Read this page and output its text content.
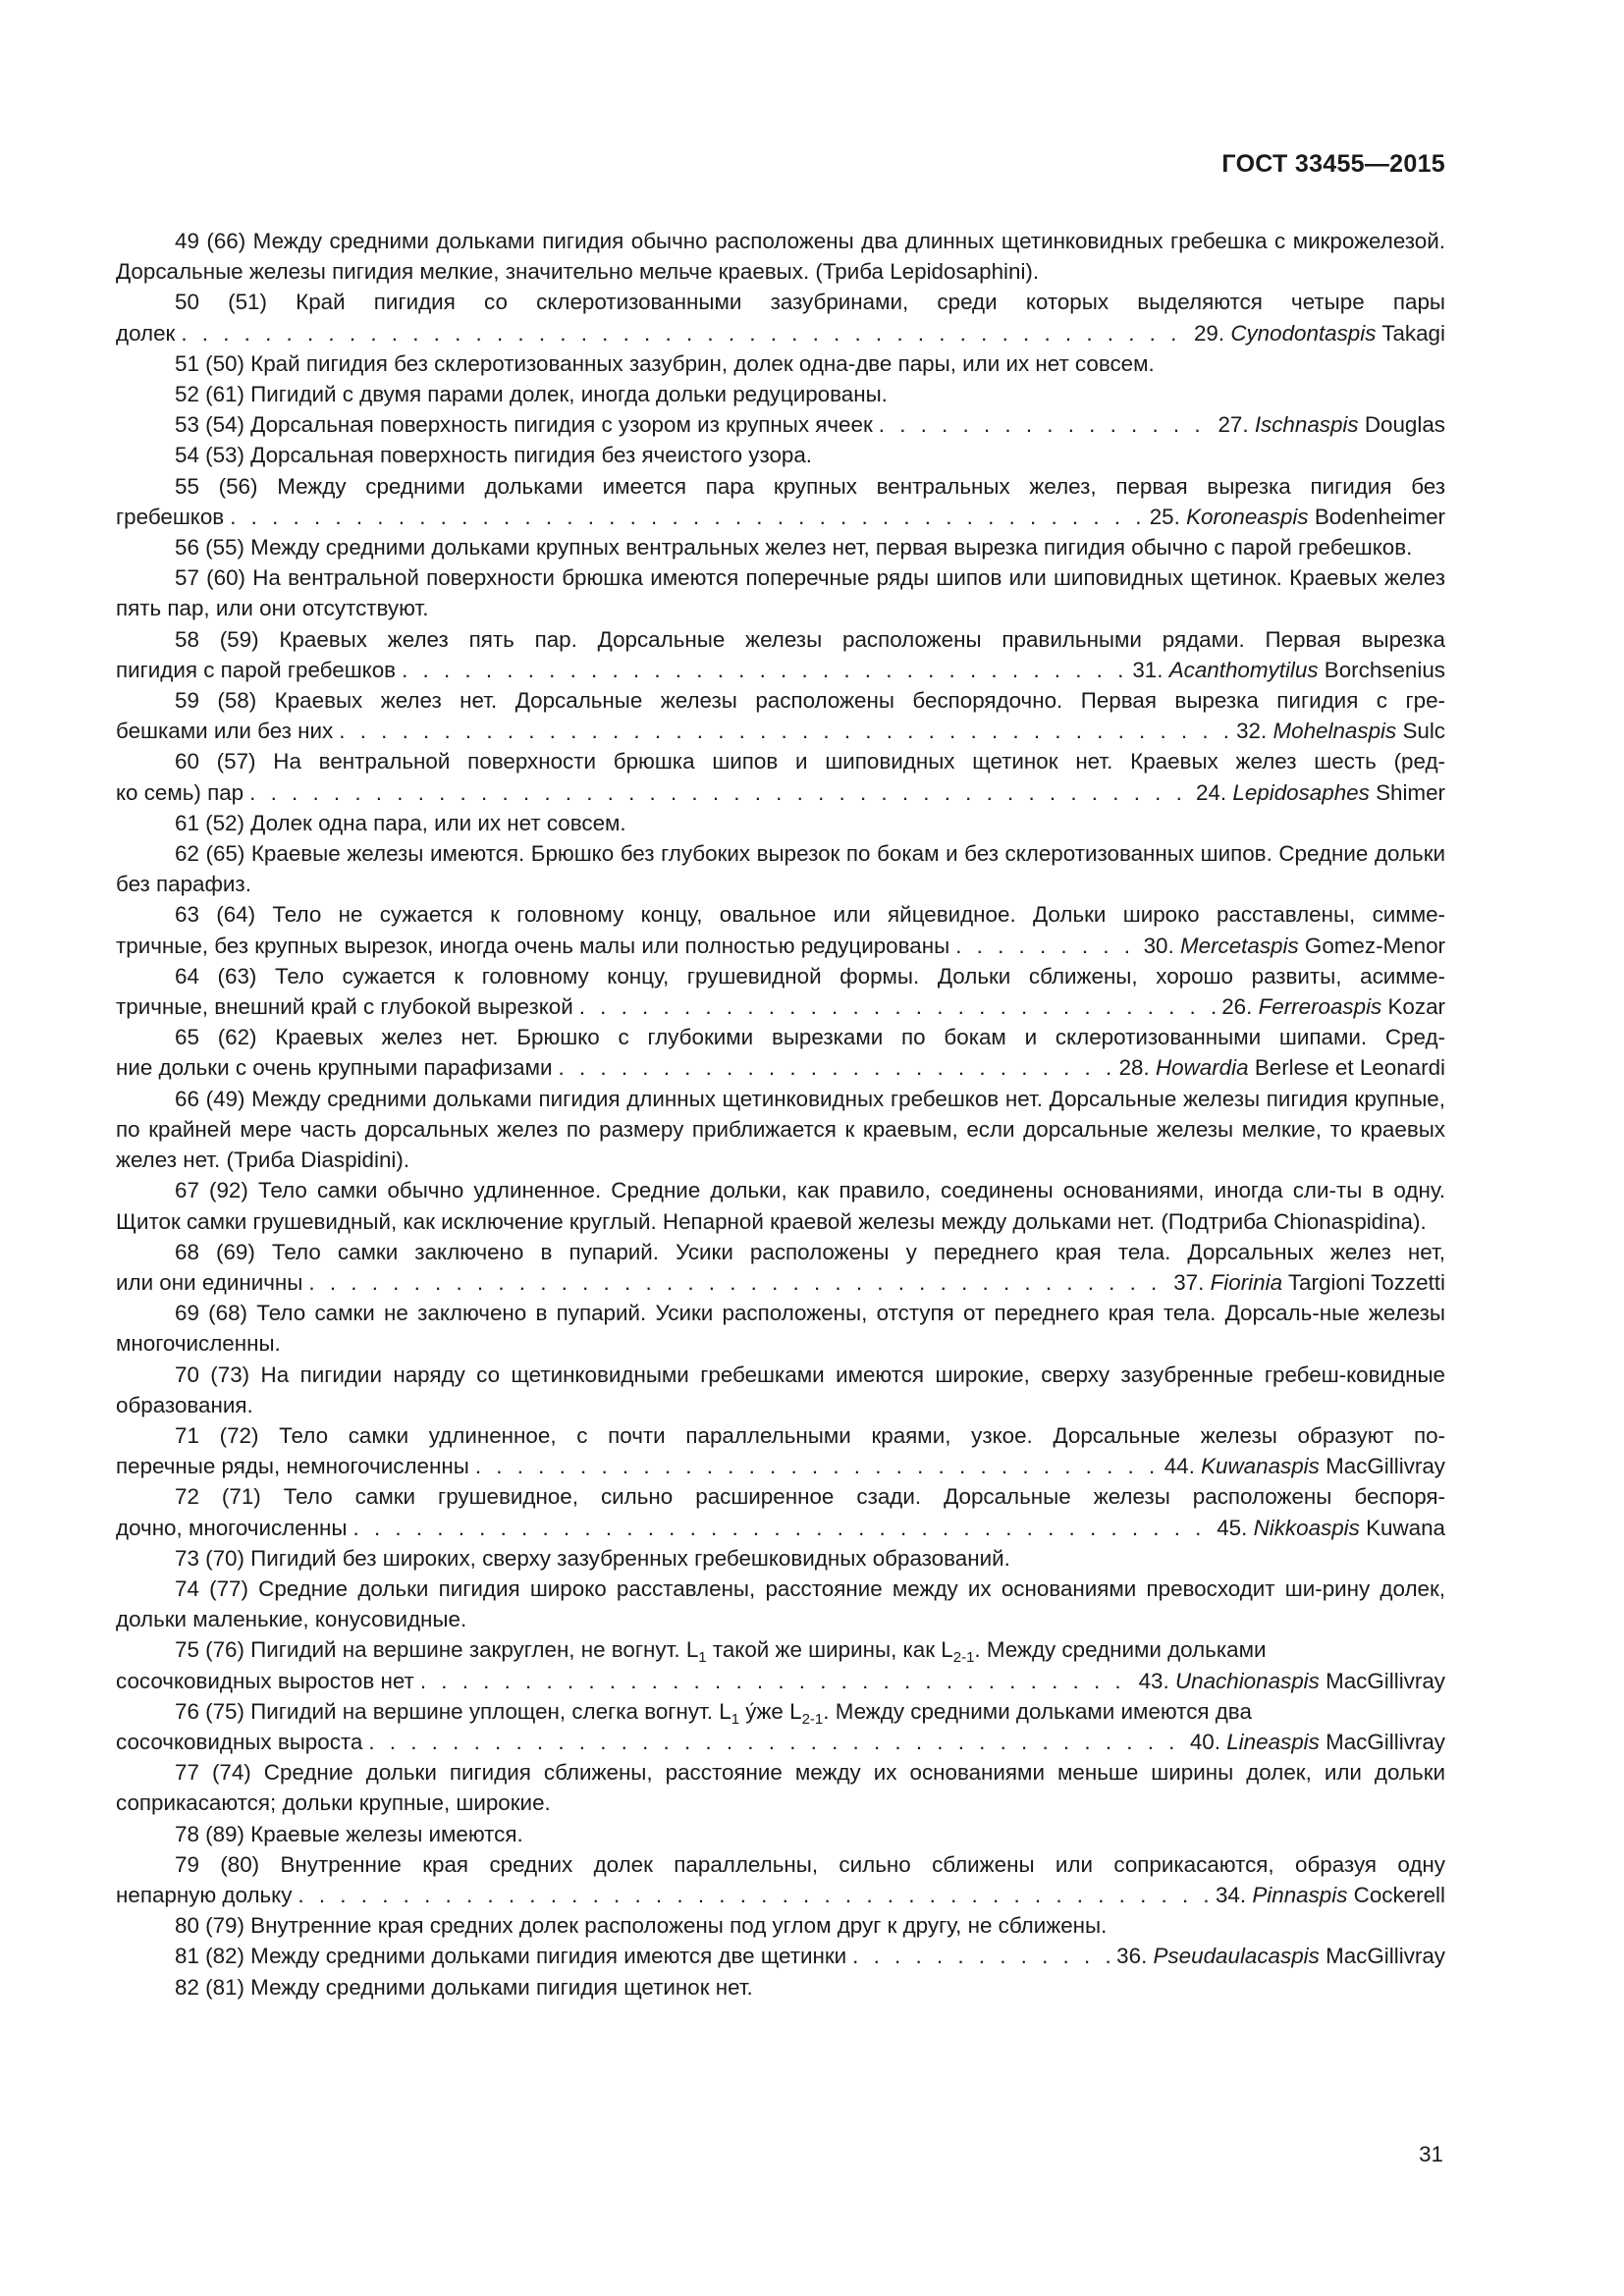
ГОСТ 33455—2015

49 (66) Между средними дольками пигидия обычно расположены два длинных щетинковидных гребешка с микрожелезой. Дорсальные железы пигидия мелкие, значительно мельче краевых. (Триба Lepidosaphini).

50 (51) Край пигидия со склеротизованными зазубринами, среди которых выделяются четыре пары

долек . . .	29. Cynodontaspis Takagi

51 (50) Край пигидия без склеротизованных зазубрин, долек одна-две пары, или их нет совсем.

52 (61) Пигидий с двумя парами долек, иногда дольки редуцированы.

53 (54) Дорсальная поверхность пигидия с узором из крупных ячеек . . .	27. Ischnaspis Douglas

54 (53) Дорсальная поверхность пигидия без ячеистого узора.

55 (56) Между средними дольками имеется пара крупных вентральных желез, первая вырезка пигидия без

гребешков . . .	25. Koroneaspis Bodenheimer

56 (55) Между средними дольками крупных вентральных желез нет, первая вырезка пигидия обычно с парой гребешков.

57 (60) На вентральной поверхности брюшка имеются поперечные ряды шипов или шиповидных щетинок. Краевых желез пять пар, или они отсутствуют.

58 (59) Краевых желез пять пар. Дорсальные железы расположены правильными рядами. Первая вырезка

пигидия с парой гребешков . . .	31. Acanthomytilus Borchsenius

59 (58) Краевых желез нет. Дорсальные железы расположены беспорядочно. Первая вырезка пигидия с гре-

бешками или без них . . .	32. Mohelnaspis Sulc

60 (57) На вентральной поверхности брюшка шипов и шиповидных щетинок нет. Краевых желез шесть (ред-

ко семь) пар . . .	24. Lepidosaphes Shimer

61 (52) Долек одна пара, или их нет совсем.

62 (65) Краевые железы имеются. Брюшко без глубоких вырезок по бокам и без склеротизованных шипов. Средние дольки без парафиз.

63 (64) Тело не сужается к головному концу, овальное или яйцевидное. Дольки широко расставлены, симме-

тричные, без крупных вырезок, иногда очень малы или полностью редуцированы . . .	30. Mercetaspis Gomez-Menor

64 (63) Тело сужается к головному концу, грушевидной формы. Дольки сближены, хорошо развиты, асимме-

тричные, внешний край с глубокой вырезкой . . .	26. Ferreroaspis Kozar

65 (62) Краевых желез нет. Брюшко с глубокими вырезками по бокам и склеротизованными шипами. Сред-

ние дольки с очень крупными парафизами . . .	28. Howardia Berlese et Leonardi

66 (49) Между средними дольками пигидия длинных щетинковидных гребешков нет. Дорсальные железы пигидия крупные, по крайней мере часть дорсальных желез по размеру приближается к краевым, если дорсальные железы мелкие, то краевых желез нет. (Триба Diaspidini).

67 (92) Тело самки обычно удлиненное. Средние дольки, как правило, соединены основаниями, иногда сли-ты в одну. Щиток самки грушевидный, как исключение круглый. Непарной краевой железы между дольками нет. (Подтриба Chionaspidina).

68 (69) Тело самки заключено в пупарий. Усики расположены у переднего края тела. Дорсальных желез нет,

или они единичны . . .	37. Fiorinia Targioni Tozzetti

69 (68) Тело самки не заключено в пупарий. Усики расположены, отступя от переднего края тела. Дорсаль-ные железы многочисленны.

70 (73) На пигидии наряду со щетинковидными гребешками имеются широкие, сверху зазубренные гребеш-ковидные образования.

71 (72) Тело самки удлиненное, с почти параллельными краями, узкое. Дорсальные железы образуют по-

перечные ряды, немногочисленны . . .	44. Kuwanaspis MacGillivray

72 (71) Тело самки грушевидное, сильно расширенное сзади. Дорсальные железы расположены беспоря-

дочно, многочисленны . . .	45. Nikkoaspis Kuwana

73 (70) Пигидий без широких, сверху зазубренных гребешковидных образований.

74 (77) Средние дольки пигидия широко расставлены, расстояние между их основаниями превосходит ши-рину долек, дольки маленькие, конусовидные.

75 (76) Пигидий на вершине закруглен, не вогнут. $L_1$ такой же ширины, как $L_{2-1}$. Между средними дольками

сосочковидных выростов нет . . .	43. Unachionaspis MacGillivray

76 (75) Пигидий на вершине уплощен, слегка вогнут. $L_1$ у́же $L_{2-1}$. Между средними дольками имеются два

сосочковидных выроста . . .	40. Lineaspis MacGillivray

77 (74) Средние дольки пигидия сближены, расстояние между их основаниями меньше ширины долек, или дольки соприкасаются; дольки крупные, широкие.

78 (89) Краевые железы имеются.

79 (80) Внутренние края средних долек параллельны, сильно сближены или соприкасаются, образуя одну

непарную дольку . . .	34. Pinnaspis Cockerell

80 (79) Внутренние края средних долек расположены под углом друг к другу, не сближены.

81 (82) Между средними дольками пигидия имеются две щетинки . . .	36. Pseudaulacaspis MacGillivray

82 (81) Между средними дольками пигидия щетинок нет.

31
